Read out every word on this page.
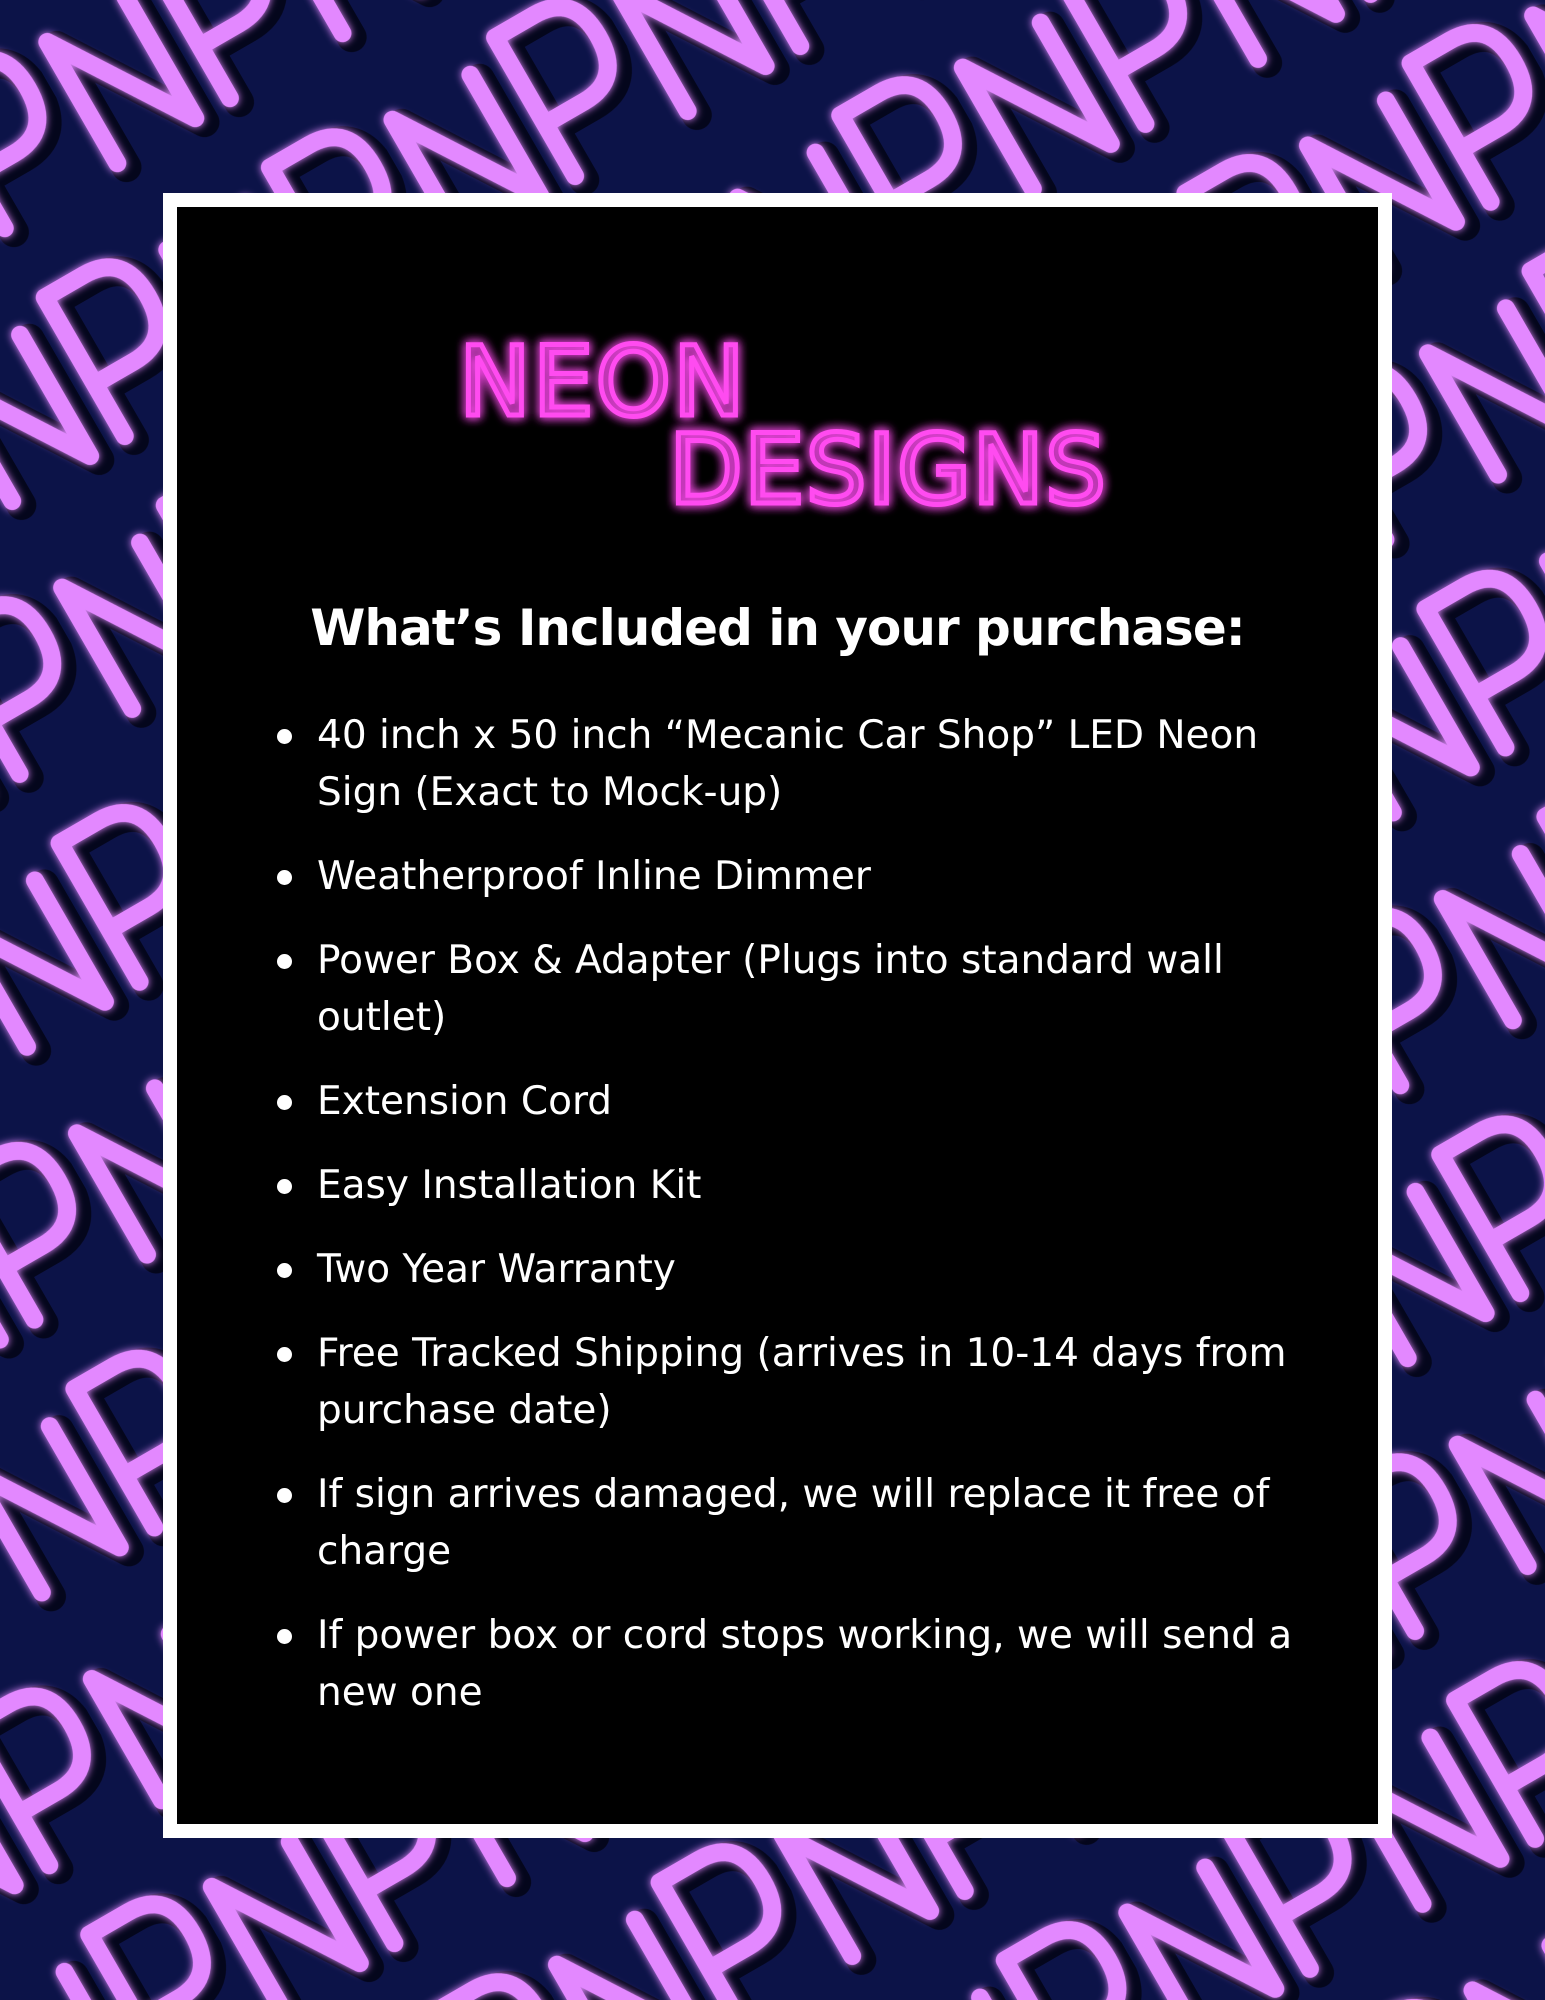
NEON
DESIGNS
What’s Included in your purchase:
40 inch x 50 inch “Mecanic Car Shop” LED Neon Sign (Exact to Mock-up)
Weatherproof Inline Dimmer
Power Box & Adapter (Plugs into standard wall outlet)
Extension Cord
Easy Installation Kit
Two Year Warranty
Free Tracked Shipping (arrives in 10-14 days from purchase date)
If sign arrives damaged, we will replace it free of charge
If power box or cord stops working, we will send a new one
